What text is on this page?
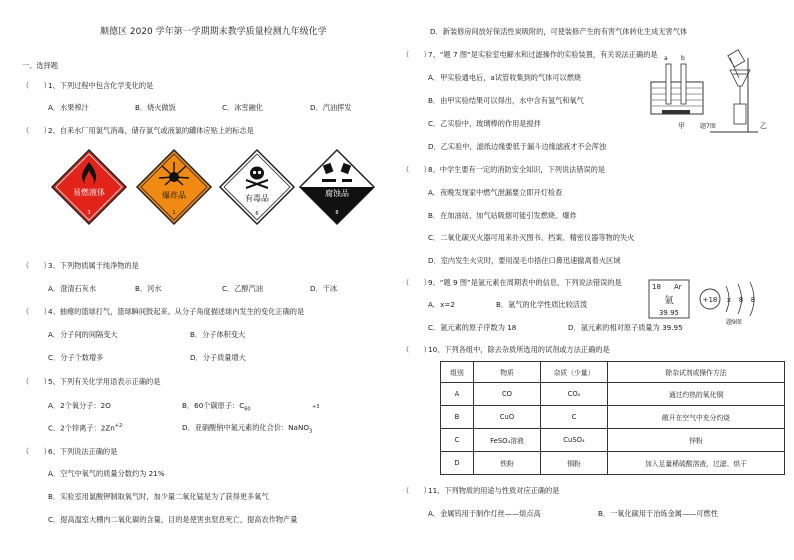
顺德区 2020 学年第一学期期末教学质量检测九年级化学
一、选择题
（　　）
1、下列过程中包含化学变化的是
A．水果榨汁	B．烧火做饭	C．冰雪融化	D．汽油挥发
（　　）
2、自来水厂用氯气消毒，储存氯气或液氯的罐体应贴上的标志是
易燃液体
3
爆炸品
1
有毒品
6
腐蚀品
8
（　　）
3、下列物质属于纯净物的是
A．澄清石灰水	B．河水	C．乙醇汽油	D．干冰
（　　）
4、抽瘪的篮球打气，篮球瞬间鼓起来。从分子角度描述球内发生的变化正确的是
A．分子间的间隔变大	B．分子体积变大
C．分子个数增多	D．分子质量增大
（　　）
5、下列有关化学用语表示正确的是
A．2个氧分子：2O	B．60个碳原子：$C_{60}$	+3
C．2个锌离子：$2Zn^{+2}$	D．亚硝酸钠中氮元素的化合价：NaNO$_3$
（　　）
6、下列说法正确的是
A．空气中氧气的质量分数约为 21%
B．实验室用氯酸钾制取氧气时，加少量二氧化锰是为了获得更多氧气
C．提高温室大棚内二氧化碳的含量，目的是使害虫窒息死亡，提高农作物产量
D．新装修房间放好保活性炭吸附的，可使装修产生的有害气体转化生成无害气体
（　　）
7、“题 7 图”是实验室电解水和过滤操作的实验装置，有关说法正确的是
A．甲实验通电后，a试管收集到的气体可以燃烧
B．由甲实验结果可以得出，水中含有氢气和氧气
C．乙实验中，玻璃棒的作用是搅拌
D．乙实验中，滤纸边缘要低于漏斗边缘滤液才不会浑浊
a b
甲	题7图	乙
（　　）
8、中学生要有一定的消防安全知识，下列说法错误的是
A．夜晚发现家中燃气泄漏要立即开灯检查
B．在加油站、加气站吸烟可能引发燃烧、爆炸
C．二氧化碳灭火器可用来扑灭图书、档案、精密仪器等物的失火
D．室内发生火灾时，要用湿毛巾捂住口鼻迅速撤离着火区域
（　　）
9、“题 9 图”是氩元素在周期表中的信息，下列说法错误的是
A．x=2	B．氩气的化学性质比较活泼
C．氩元素的原子序数为 18	D．氩元素的相对原子质量为 39.95
18 Ar
氩
39.95
+18 x 8 8
题9图
（　　）
10、下列各组中，除去杂质所选用的试剂或方法正确的是
组别	物质	杂质（少量）	除杂试剂或操作方法
A	CO	CO₂	通过灼热的氧化铜
B	CuO	C	敞开在空气中充分灼烧
C	FeSO₄溶液	CuSO₄	锌粉
D	铁粉	铜粉	加入足量稀硫酸溶液，过滤、烘干
（　　）
11、下列物质的用途与性质对应正确的是
A．金属钨用于制作灯丝——熔点高	B．一氧化碳用于冶炼金属——可燃性
